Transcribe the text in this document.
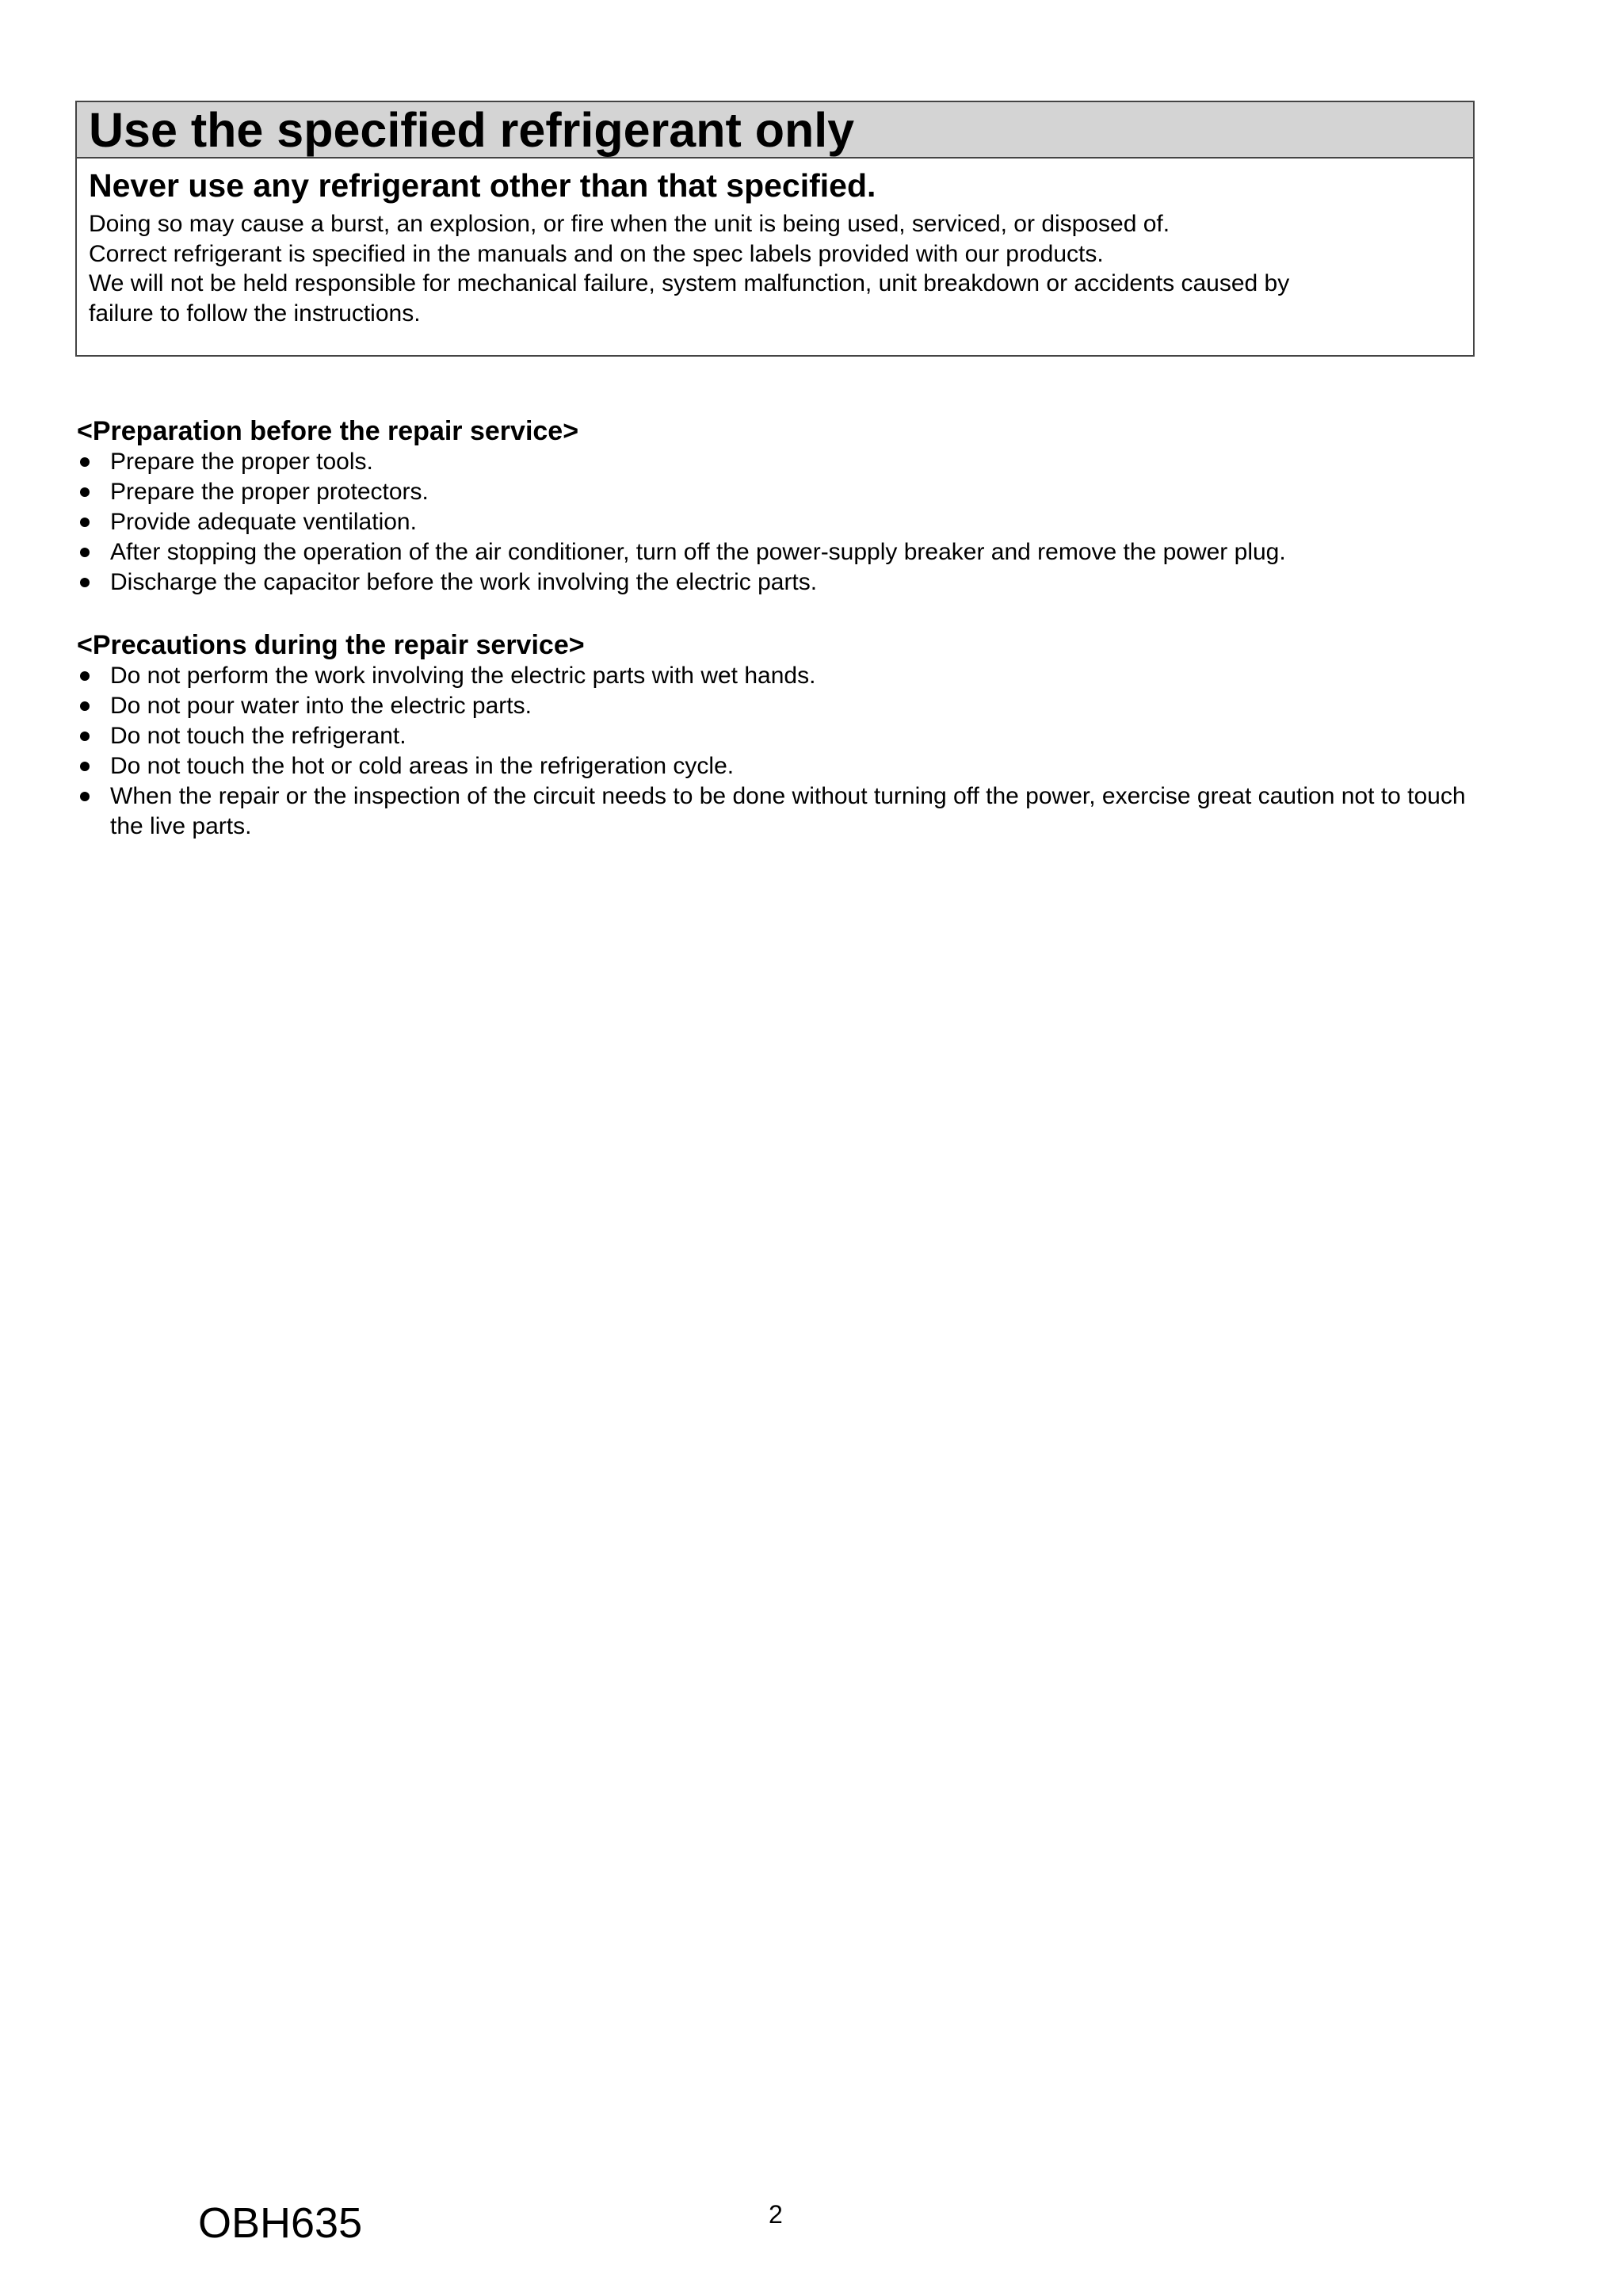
Use the specified refrigerant only
Never use any refrigerant other than that specified.
Doing so may cause a burst, an explosion, or fire when the unit is being used, serviced, or disposed of.
Correct refrigerant is specified in the manuals and on the spec labels provided with our products.
We will not be held responsible for mechanical failure, system malfunction, unit breakdown or accidents caused by
failure to follow the instructions.
<Preparation before the repair service>
Prepare the proper tools.
Prepare the proper protectors.
Provide adequate ventilation.
After stopping the operation of the air conditioner, turn off the power-supply breaker and remove the power plug.
Discharge the capacitor before the work involving the electric parts.
<Precautions during the repair service>
Do not perform the work involving the electric parts with wet hands.
Do not pour water into the electric parts.
Do not touch the refrigerant.
Do not touch the hot or cold areas in the refrigeration cycle.
When the repair or the inspection of the circuit needs to be done without turning off the power, exercise great caution not to touch the live parts.
OBH635	2
